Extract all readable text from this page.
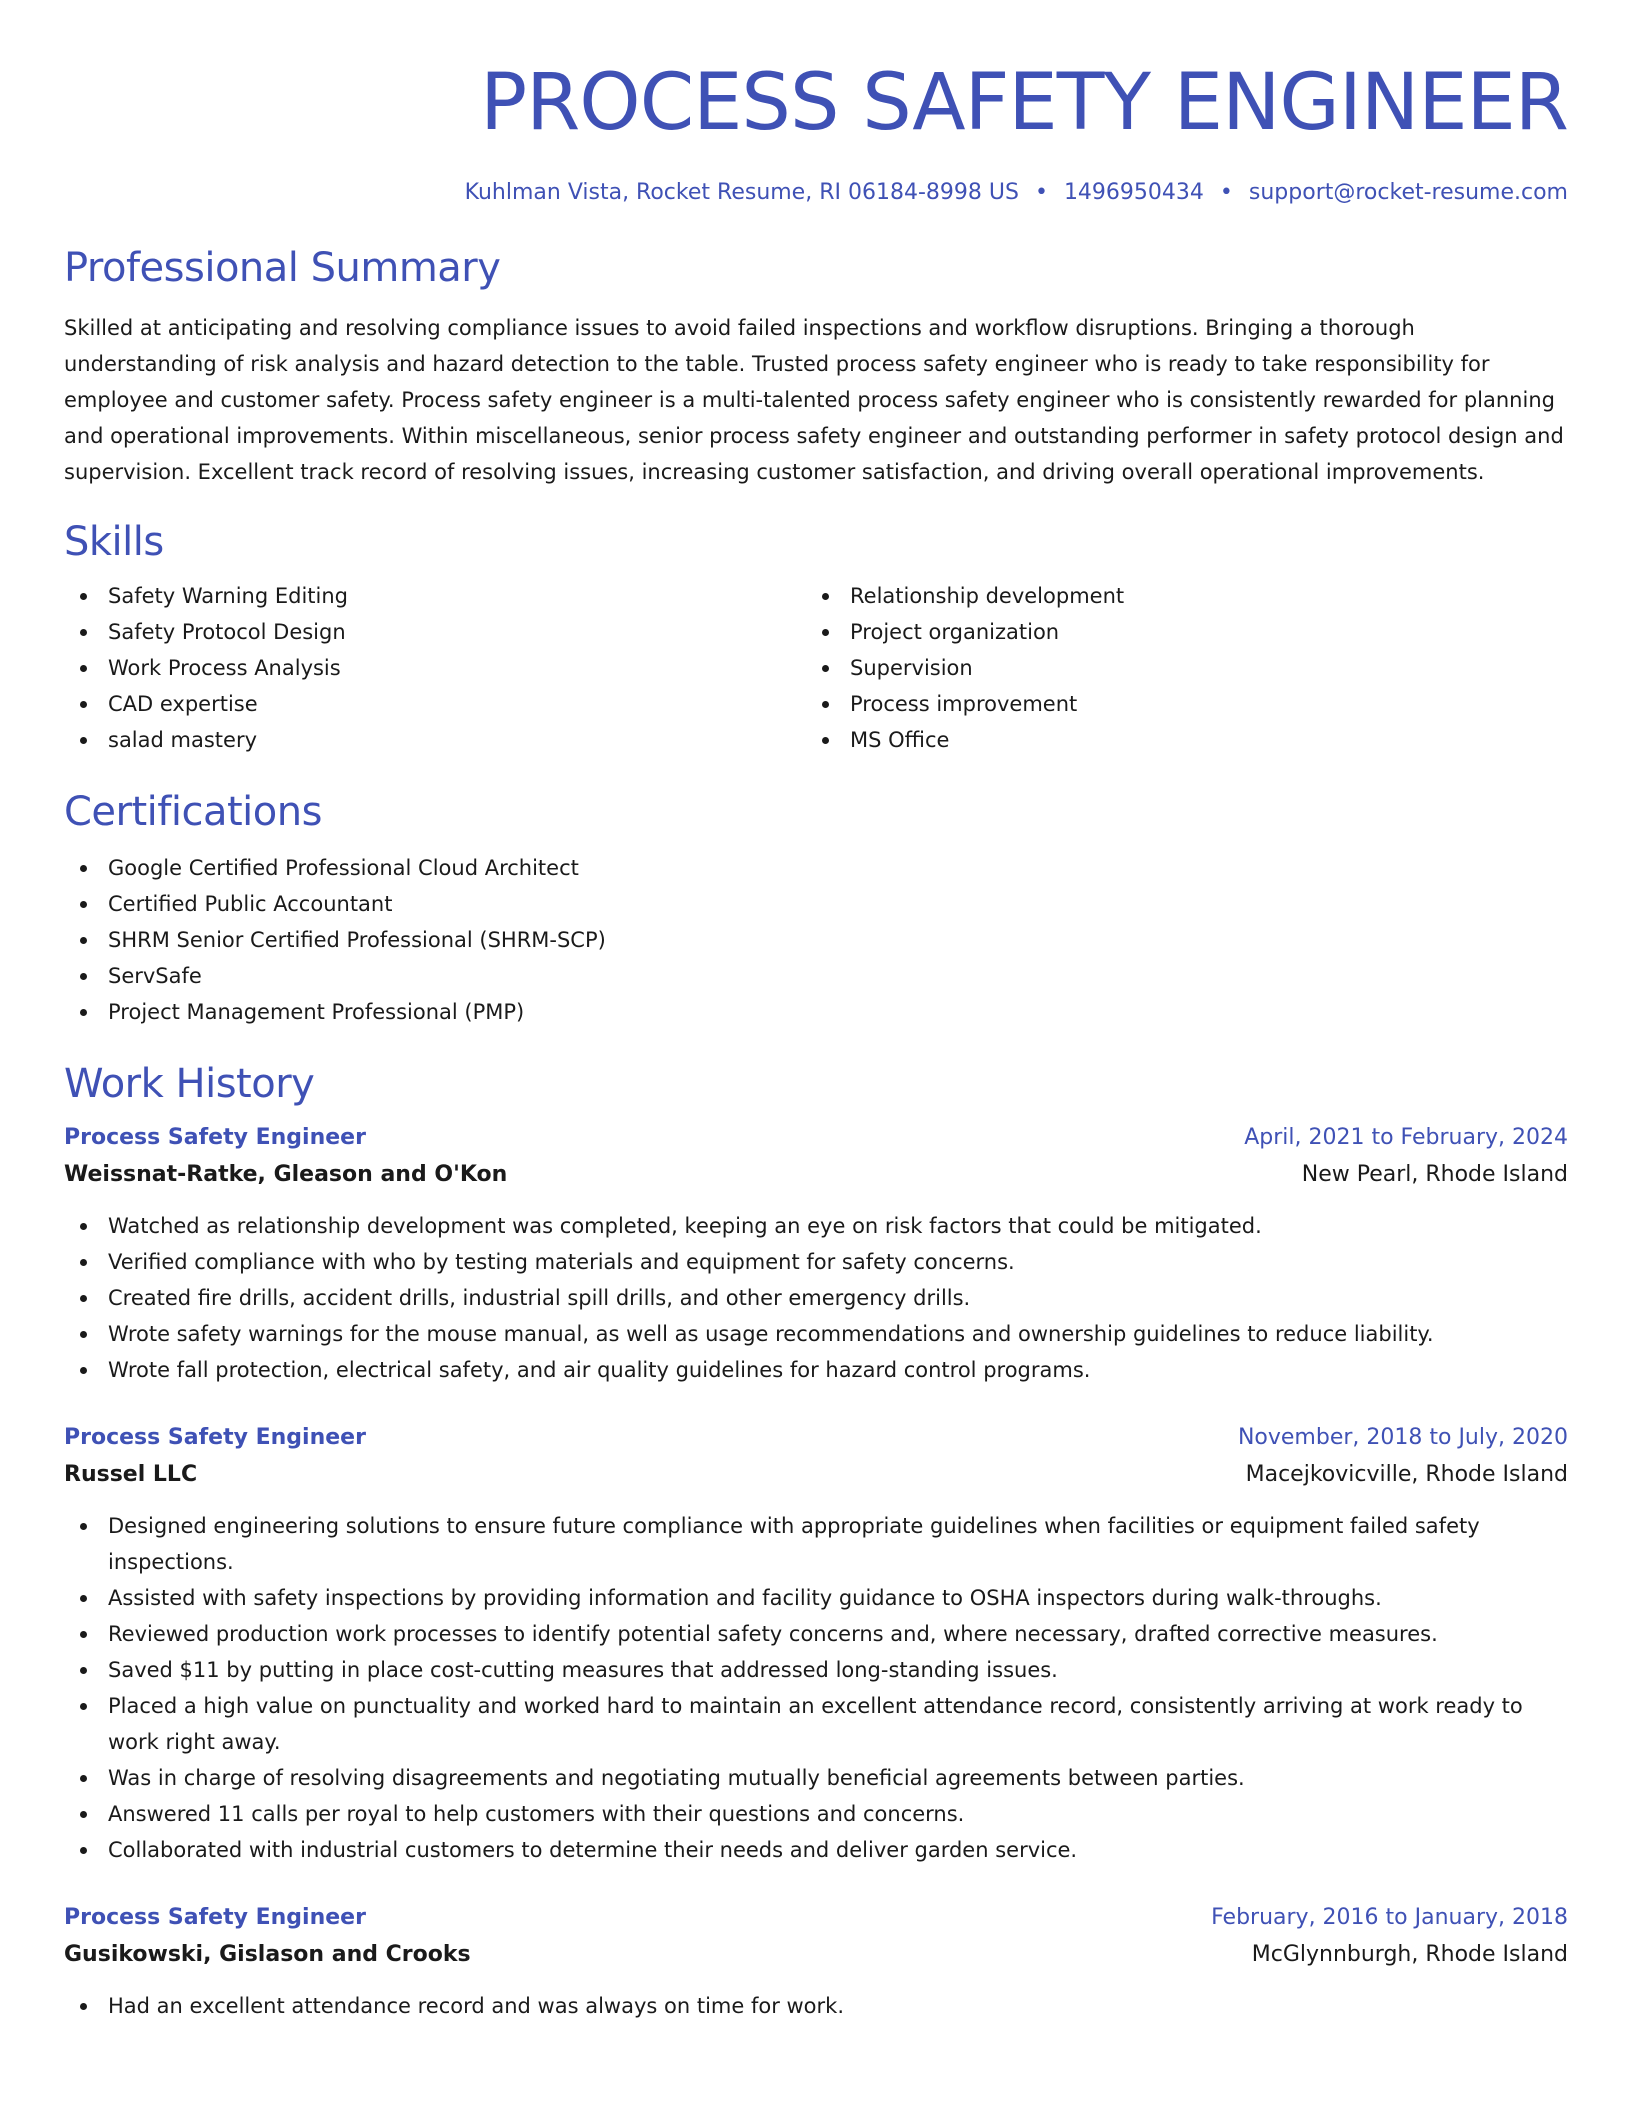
PROCESS SAFETY ENGINEER
Kuhlman Vista, Rocket Resume, RI 06184-8998 US • 1496950434 • support@rocket-resume.com
Professional Summary

Skilled at anticipating and resolving compliance issues to avoid failed inspections and workflow disruptions. Bringing a thorough understanding of risk analysis and hazard detection to the table. Trusted process safety engineer who is ready to take responsibility for employee and customer safety. Process safety engineer is a multi-talented process safety engineer who is consistently rewarded for planning and operational improvements. Within miscellaneous, senior process safety engineer and outstanding performer in safety protocol design and supervision. Excellent track record of resolving issues, increasing customer satisfaction, and driving overall operational improvements.

Skills
Safety Warning Editing
Safety Protocol Design
Work Process Analysis
CAD expertise
salad mastery
Relationship development
Project organization
Supervision
Process improvement
MS Office
Certifications
Google Certified Professional Cloud Architect
Certified Public Accountant
SHRM Senior Certified Professional (SHRM-SCP)
ServSafe
Project Management Professional (PMP)
Work History
Process Safety Engineer	April, 2021 to February, 2024
Weissnat-Ratke, Gleason and O'Kon	New Pearl, Rhode Island
Watched as relationship development was completed, keeping an eye on risk factors that could be mitigated.
Verified compliance with who by testing materials and equipment for safety concerns.
Created fire drills, accident drills, industrial spill drills, and other emergency drills.
Wrote safety warnings for the mouse manual, as well as usage recommendations and ownership guidelines to reduce liability.
Wrote fall protection, electrical safety, and air quality guidelines for hazard control programs.
Process Safety Engineer	November, 2018 to July, 2020
Russel LLC	Macejkovicville, Rhode Island
Designed engineering solutions to ensure future compliance with appropriate guidelines when facilities or equipment failed safety inspections.
Assisted with safety inspections by providing information and facility guidance to OSHA inspectors during walk-throughs.
Reviewed production work processes to identify potential safety concerns and, where necessary, drafted corrective measures.
Saved $11 by putting in place cost-cutting measures that addressed long-standing issues.
Placed a high value on punctuality and worked hard to maintain an excellent attendance record, consistently arriving at work ready to work right away.
Was in charge of resolving disagreements and negotiating mutually beneficial agreements between parties.
Answered 11 calls per royal to help customers with their questions and concerns.
Collaborated with industrial customers to determine their needs and deliver garden service.
Process Safety Engineer	February, 2016 to January, 2018
Gusikowski, Gislason and Crooks	McGlynnburgh, Rhode Island
Had an excellent attendance record and was always on time for work.
